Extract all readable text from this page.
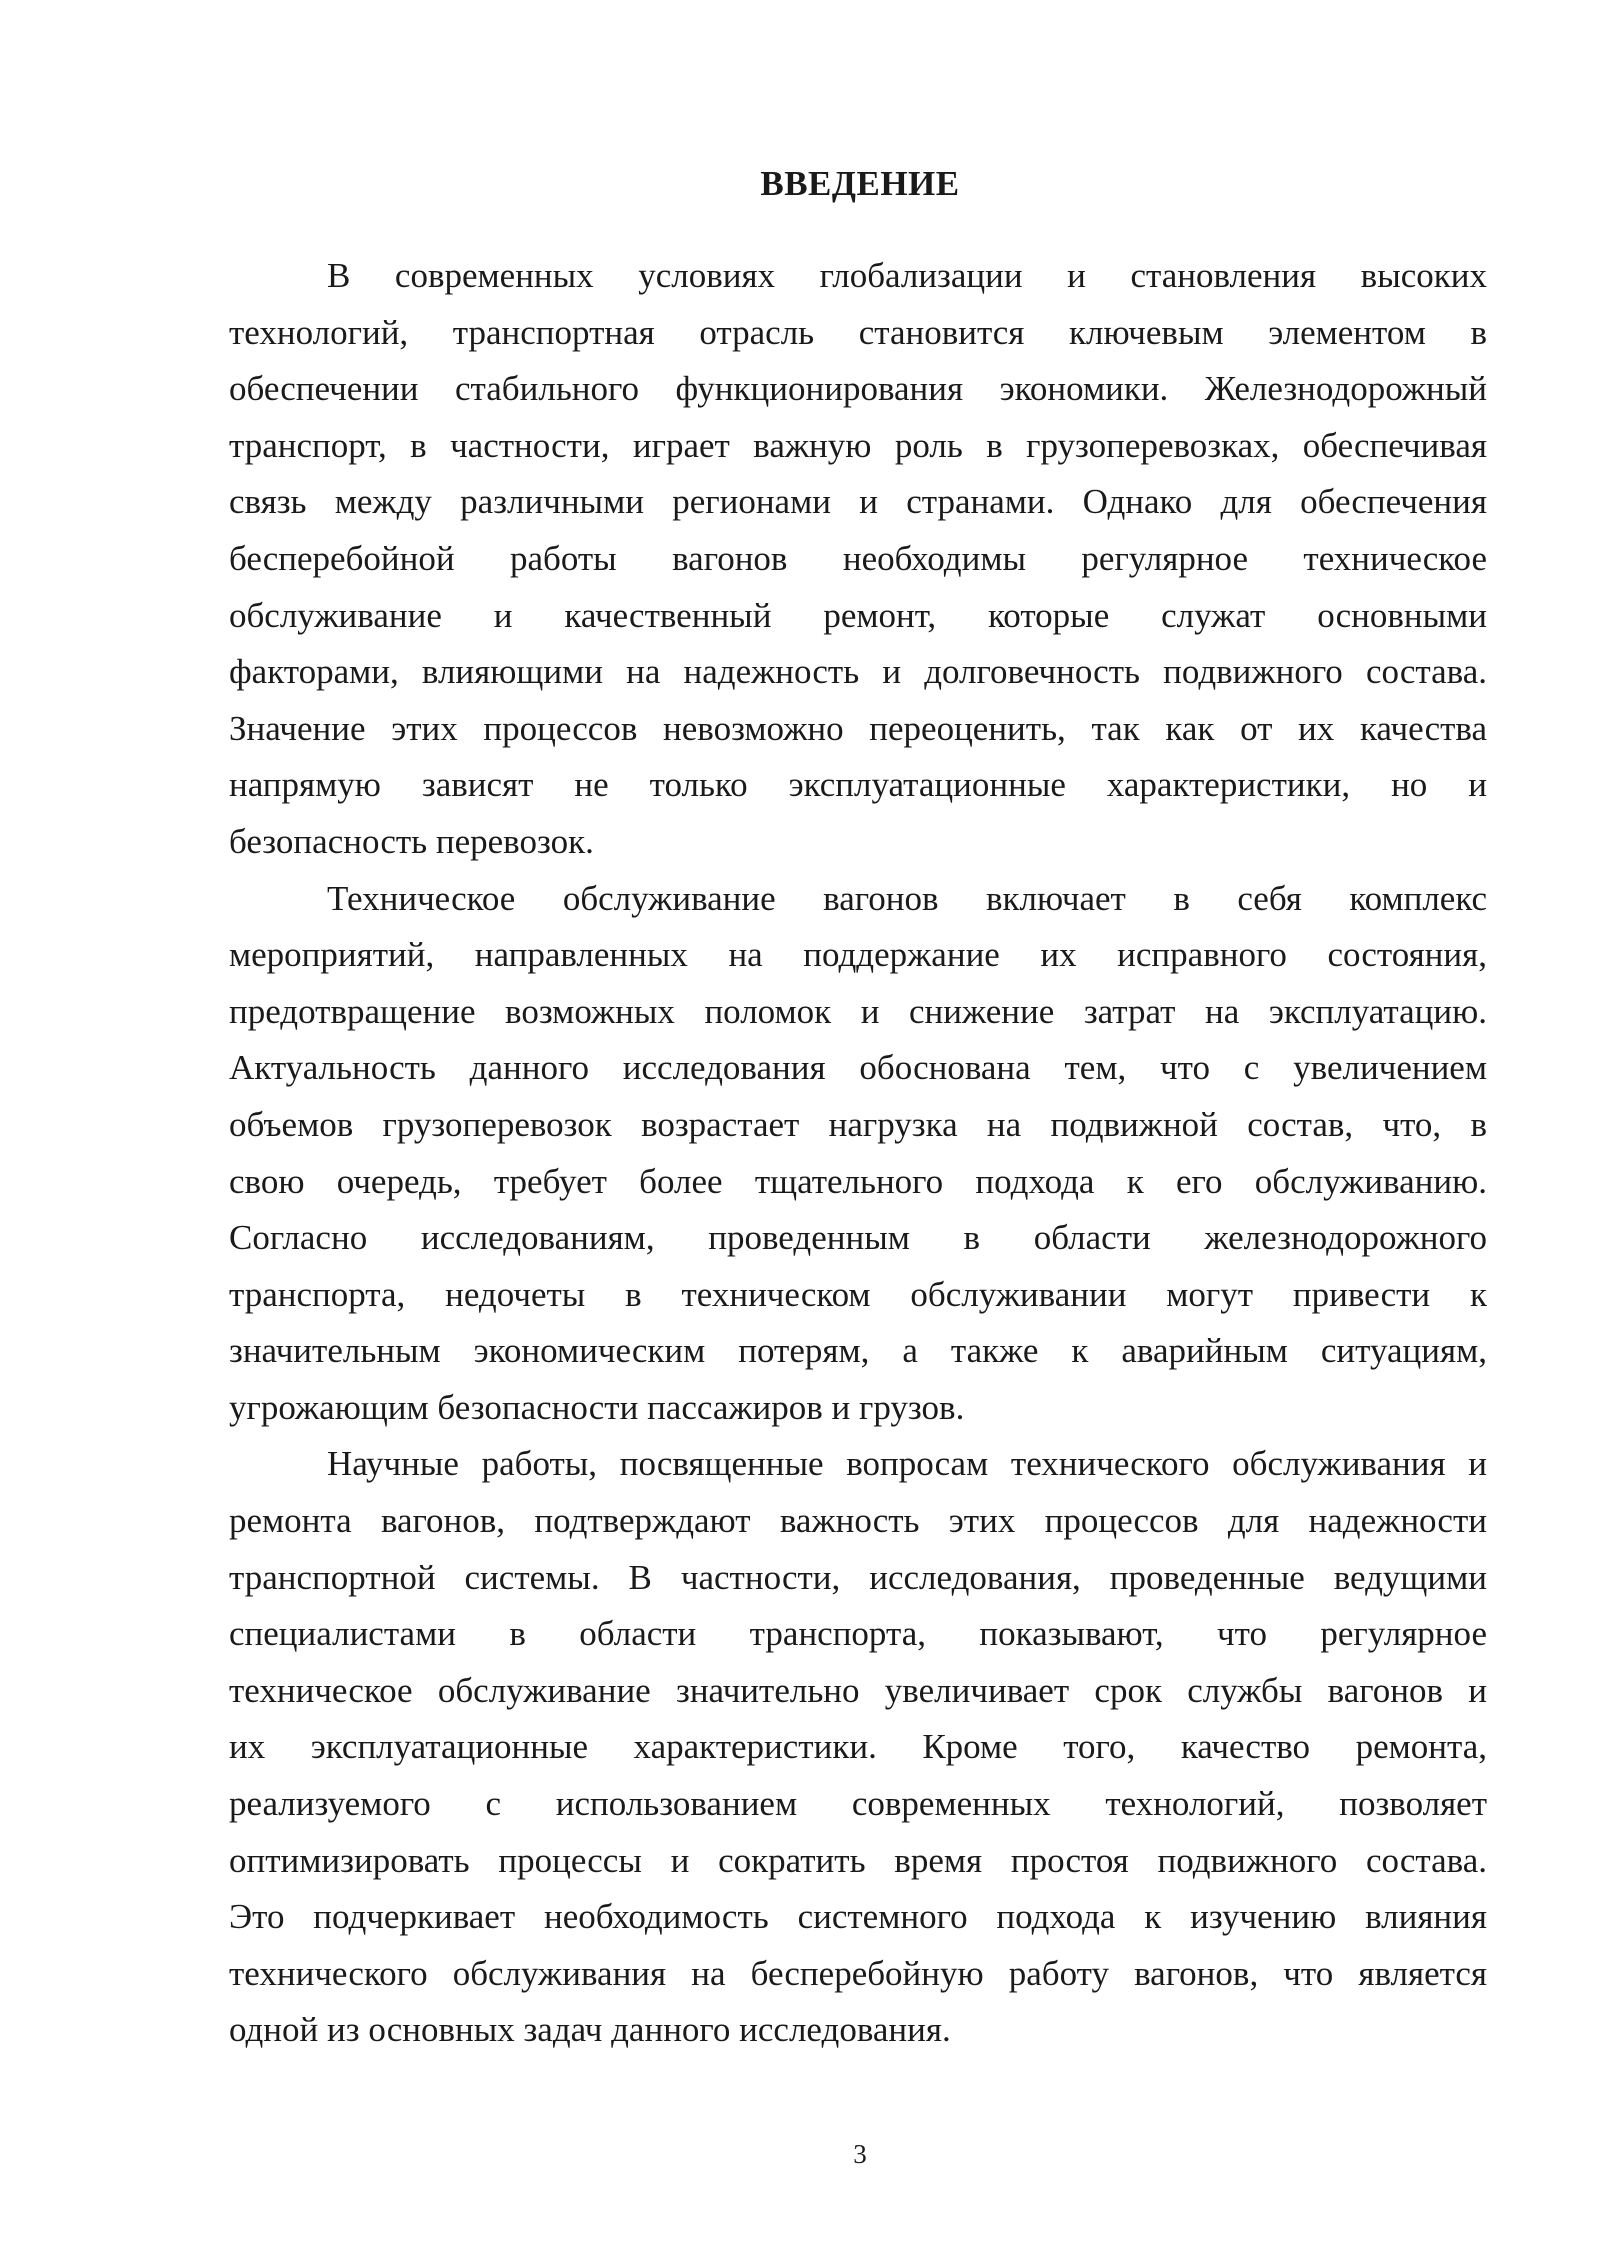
ВВЕДЕНИЕ
В современных условиях глобализации и становления высоких
технологий, транспортная отрасль становится ключевым элементом в
обеспечении стабильного функционирования экономики. Железнодорожный
транспорт, в частности, играет важную роль в грузоперевозках, обеспечивая
связь между различными регионами и странами. Однако для обеспечения
бесперебойной работы вагонов необходимы регулярное техническое
обслуживание и качественный ремонт, которые служат основными
факторами, влияющими на надежность и долговечность подвижного состава.
Значение этих процессов невозможно переоценить, так как от их качества
напрямую зависят не только эксплуатационные характеристики, но и
безопасность перевозок.
Техническое обслуживание вагонов включает в себя комплекс
мероприятий, направленных на поддержание их исправного состояния,
предотвращение возможных поломок и снижение затрат на эксплуатацию.
Актуальность данного исследования обоснована тем, что с увеличением
объемов грузоперевозок возрастает нагрузка на подвижной состав, что, в
свою очередь, требует более тщательного подхода к его обслуживанию.
Согласно исследованиям, проведенным в области железнодорожного
транспорта, недочеты в техническом обслуживании могут привести к
значительным экономическим потерям, а также к аварийным ситуациям,
угрожающим безопасности пассажиров и грузов.
Научные работы, посвященные вопросам технического обслуживания и
ремонта вагонов, подтверждают важность этих процессов для надежности
транспортной системы. В частности, исследования, проведенные ведущими
специалистами в области транспорта, показывают, что регулярное
техническое обслуживание значительно увеличивает срок службы вагонов и
их эксплуатационные характеристики. Кроме того, качество ремонта,
реализуемого с использованием современных технологий, позволяет
оптимизировать процессы и сократить время простоя подвижного состава.
Это подчеркивает необходимость системного подхода к изучению влияния
технического обслуживания на бесперебойную работу вагонов, что является
одной из основных задач данного исследования.
3
